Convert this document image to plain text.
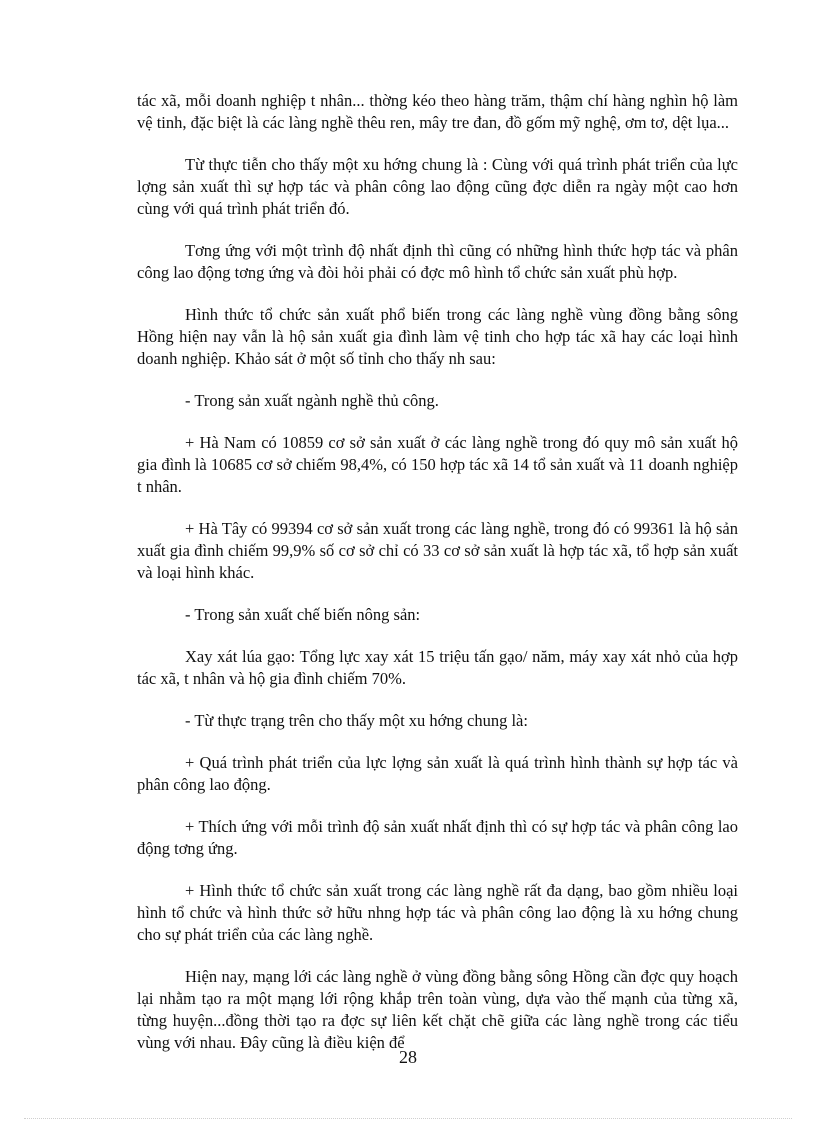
tác xã, mỗi doanh nghiệp t nhân... thờng kéo theo hàng trăm, thậm chí hàng nghìn hộ làm vệ tinh, đặc biệt là các làng nghề thêu ren, mây tre đan, đồ gốm mỹ nghệ, ơm tơ, dệt lụa...

Từ thực tiễn cho thấy một xu hớng chung là : Cùng với quá trình phát triển của lực lợng sản xuất thì sự hợp tác và phân công lao động cũng đợc diễn ra ngày một cao hơn cùng với quá trình phát triển đó.

Tơng ứng với một trình độ nhất định thì cũng có những hình thức hợp tác và phân công lao động tơng ứng và đòi hỏi phải có đợc mô hình tổ chức sản xuất phù hợp.

Hình thức tổ chức sản xuất phổ biến trong các làng nghề vùng đồng bằng sông Hồng hiện nay vẫn là hộ sản xuất gia đình làm vệ tinh cho hợp tác xã hay các loại hình doanh nghiệp. Khảo sát ở một số tỉnh cho thấy nh sau:

- Trong sản xuất ngành nghề thủ công.

+ Hà Nam có 10859 cơ sở sản xuất ở các làng nghề trong đó quy mô sản xuất hộ gia đình là 10685 cơ sở chiếm 98,4%, có 150 hợp tác xã 14 tổ sản xuất và 11 doanh nghiệp t nhân.

+ Hà Tây có 99394 cơ sở sản xuất trong các làng nghề, trong đó có 99361 là hộ sản xuất gia đình chiếm 99,9% số cơ sở chỉ có 33 cơ sở sản xuất là hợp tác xã, tổ hợp sản xuất và loại hình khác.

- Trong sản xuất chế biến nông sản:

Xay xát lúa gạo: Tổng lực xay xát 15 triệu tấn gạo/ năm, máy xay xát nhỏ của hợp tác xã, t nhân và hộ gia đình chiếm 70%.

- Từ thực trạng trên cho thấy một xu hớng chung là:

+ Quá trình phát triển của lực lợng sản xuất là quá trình hình thành sự hợp tác và phân công lao động.

+ Thích ứng với mỗi trình độ sản xuất nhất định thì có sự hợp tác và phân công lao động tơng ứng.

+ Hình thức tổ chức sản xuất trong các làng nghề rất đa dạng, bao gồm nhiều loại hình tổ chức và hình thức sở hữu nhng hợp tác và phân công lao động là xu hớng chung cho sự phát triển của các làng nghề.

Hiện nay, mạng lới các làng nghề ở vùng đồng bằng sông Hồng cần đợc quy hoạch lại nhằm tạo ra một mạng lới rộng khắp trên toàn vùng, dựa vào thế mạnh của từng xã, từng huyện...đồng thời tạo ra đợc sự liên kết chặt chẽ giữa các làng nghề trong các tiểu vùng với nhau. Đây cũng là điều kiện để

28
